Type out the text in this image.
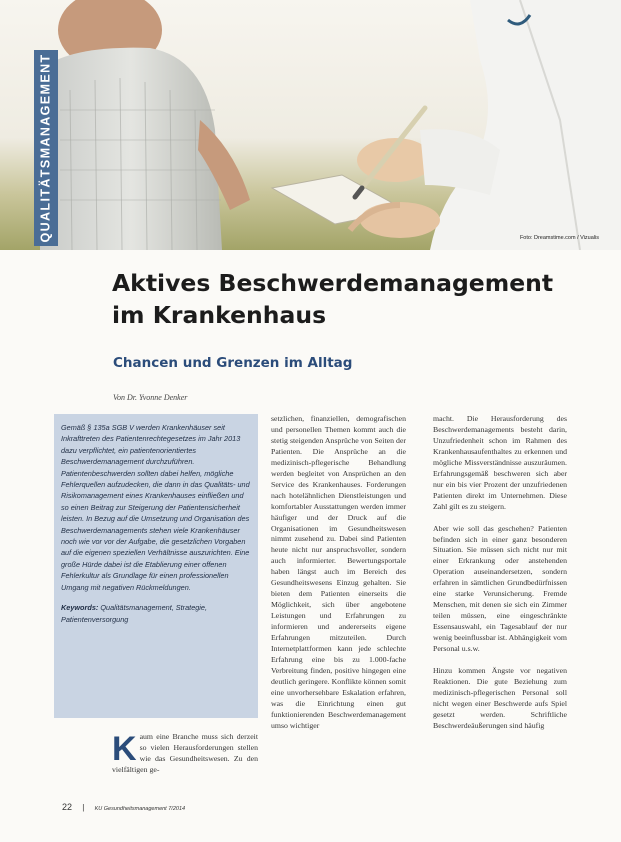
QUALITÄTSMANAGEMENT	Foto: Dreamstime.com / Vizualis
Aktives Beschwerdemanagement
im Krankenhaus
Chancen und Grenzen im Alltag
Von Dr. Yvonne Denker

Gemäß § 135a SGB V werden Krankenhäuser seit Inkrafttreten des Patientenrechtegesetzes im Jahr 2013 dazu verpflichtet, ein patientenorientiertes Beschwerdemanagement durchzuführen. Patientenbeschwerden sollten dabei helfen, mögliche Fehlerquellen aufzudecken, die dann in das Qualitäts- und Risikomanagement eines Krankenhauses einfließen und so einen Beitrag zur Steigerung der Patientensicherheit leisten. In Bezug auf die Umsetzung und Organisation des Beschwerdemanagements stehen viele Krankenhäuser noch wie vor vor der Aufgabe, die gesetzlichen Vorgaben auf die eigenen speziellen Verhältnisse auszurichten. Eine große Hürde dabei ist die Etablierung einer offenen Fehlerkultur als Grundlage für einen professionellen Umgang mit negativen Rückmeldungen.

Keywords: Qualitätsmanagement, Strategie, Patientenversorgung

K aum eine Branche muss sich derzeit so vielen Herausforderungen stellen wie das Gesundheitswesen. Zu den vielfältigen ge-

setzlichen, finanziellen, demografischen und personellen Themen kommt auch die stetig steigenden Ansprüche von Seiten der Patienten. Die Ansprüche an die medizinisch-pflegerische Behandlung werden begleitet von Ansprüchen an den Service des Krankenhauses. Forderungen nach hotelähnlichen Dienstleistungen und komfortabler Ausstattungen werden immer häufiger und der Druck auf die Organisationen im Gesundheitswesen nimmt zusehend zu. Dabei sind Patienten heute nicht nur anspruchsvoller, sondern auch informierter. Bewertungsportale haben längst auch im Bereich des Gesundheitswesens Einzug gehalten. Sie bieten dem Patienten einerseits die Möglichkeit, sich über angebotene Leistungen und Erfahrungen zu informieren und andererseits eigene Erfahrungen mitzuteilen. Durch Internetplattformen kann jede schlechte Erfahrung eine bis zu 1.000-fache Verbreitung finden, positive hingegen eine deutlich geringere. Konflikte können somit eine unvorhersehbare Eskalation erfahren, was die Einrichtung einen gut funktionierenden Beschwerdemanagement umso wichtiger

macht. Die Herausforderung des Beschwerdemanagements besteht darin, Unzufriedenheit schon im Rahmen des Krankenhausaufenthaltes zu erkennen und mögliche Missverständnisse auszuräumen. Erfahrungsgemäß beschweren sich aber nur ein bis vier Prozent der unzufriedenen Patienten direkt im Unternehmen. Diese Zahl gilt es zu steigern.

Aber wie soll das geschehen? Patienten befinden sich in einer ganz besonderen Situation. Sie müssen sich nicht nur mit einer Erkrankung oder anstehenden Operation auseinandersetzen, sondern erfahren in sämtlichen Grundbedürfnissen eine starke Verunsicherung. Fremde Menschen, mit denen sie sich ein Zimmer teilen müssen, eine eingeschränkte Essensauswahl, ein Tagesablauf der nur wenig beeinflussbar ist. Abhängigkeit vom Personal u.s.w.

Hinzu kommen Ängste vor negativen Reaktionen. Die gute Beziehung zum medizinisch-pflegerischen Personal soll nicht wegen einer Beschwerde aufs Spiel gesetzt werden. Schriftliche Beschwerdeäußerungen sind häufig

22 | KU Gesundheitsmanagement 7/2014
